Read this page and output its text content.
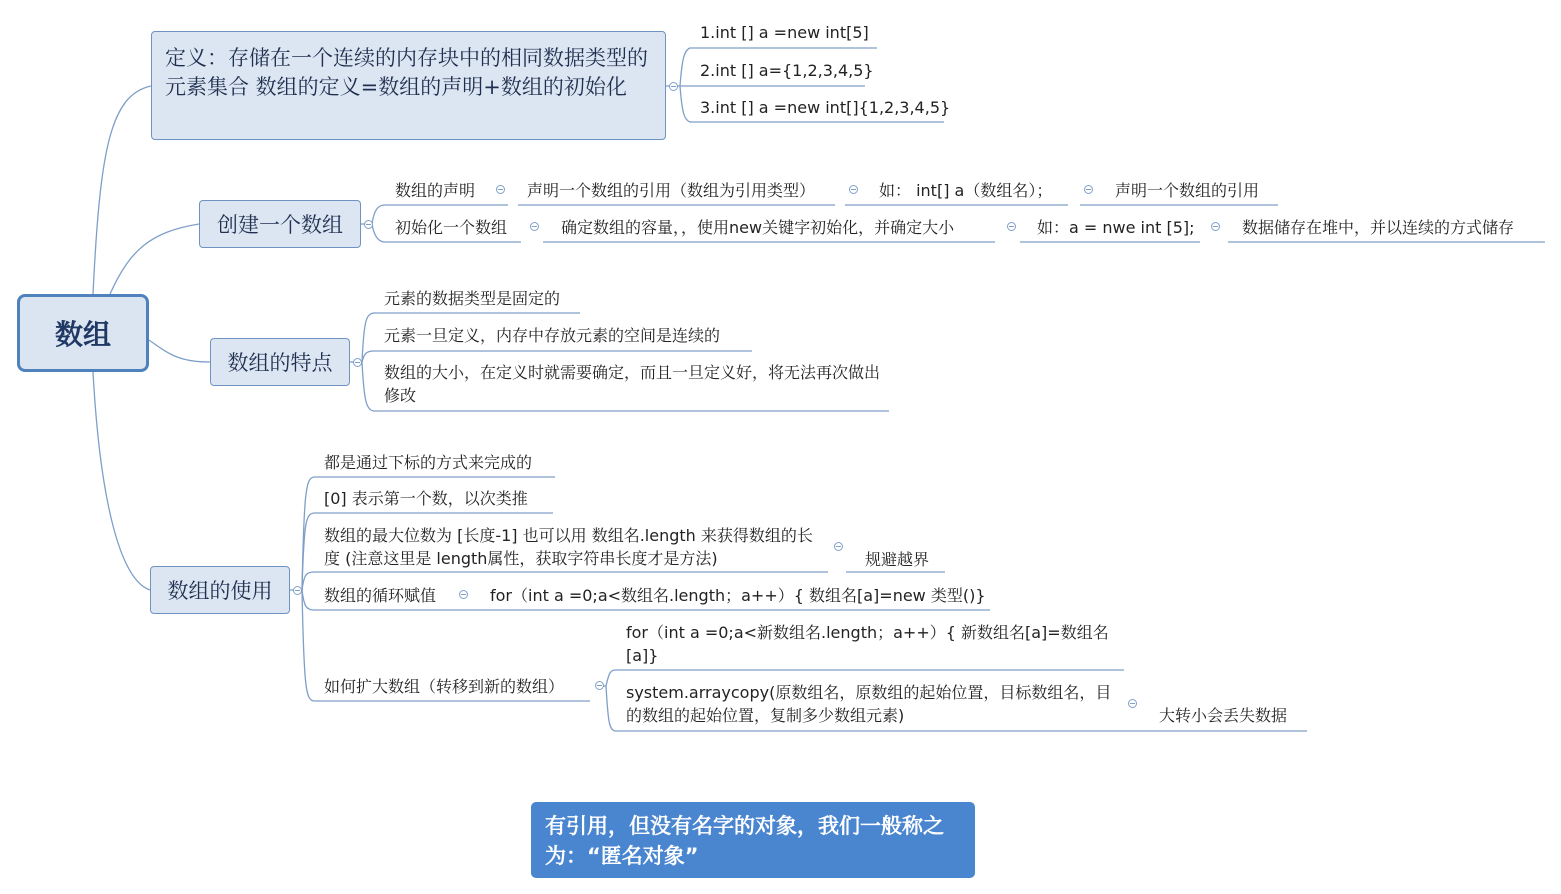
数组
定义：存储在一个连续的内存块中的相同数据类型的元素集合 数组的定义=数组的声明+数组的初始化
1.int [] a =new int[5]
2.int [] a={1,2,3,4,5}
3.int [] a =new int[]{1,2,3,4,5}
创建一个数组
数组的声明	声明一个数组的引用（数组为引用类型）	如： int[] a（数组名）；	声明一个数组的引用
初始化一个数组	确定数组的容量，，使用new关键字初始化，并确定大小	如：a = nwe int [5];	数据储存在堆中，并以连续的方式储存
数组的特点
元素的数据类型是固定的
元素一旦定义，内存中存放元素的空间是连续的
数组的大小，在定义时就需要确定，而且一旦定义好，将无法再次做出修改
数组的使用
都是通过下标的方式来完成的
[0] 表示第一个数，以次类推
数组的最大位数为 [长度-1] 也可以用 数组名.length 来获得数组的长度 (注意这里是 length属性，获取字符串长度才是方法)	规避越界
数组的循环赋值	for（int a =0;a<数组名.length；a++）{ 数组名[a]=new 类型()}
如何扩大数组（转移到新的数组）
for（int a =0;a<新数组名.length；a++）{ 新数组名[a]=数组名[a]}
system.arraycopy(原数组名，原数组的起始位置，目标数组名，目的数组的起始位置，复制多少数组元素)	大转小会丢失数据
有引用，但没有名字的对象，我们一般称之为：“匿名对象”
